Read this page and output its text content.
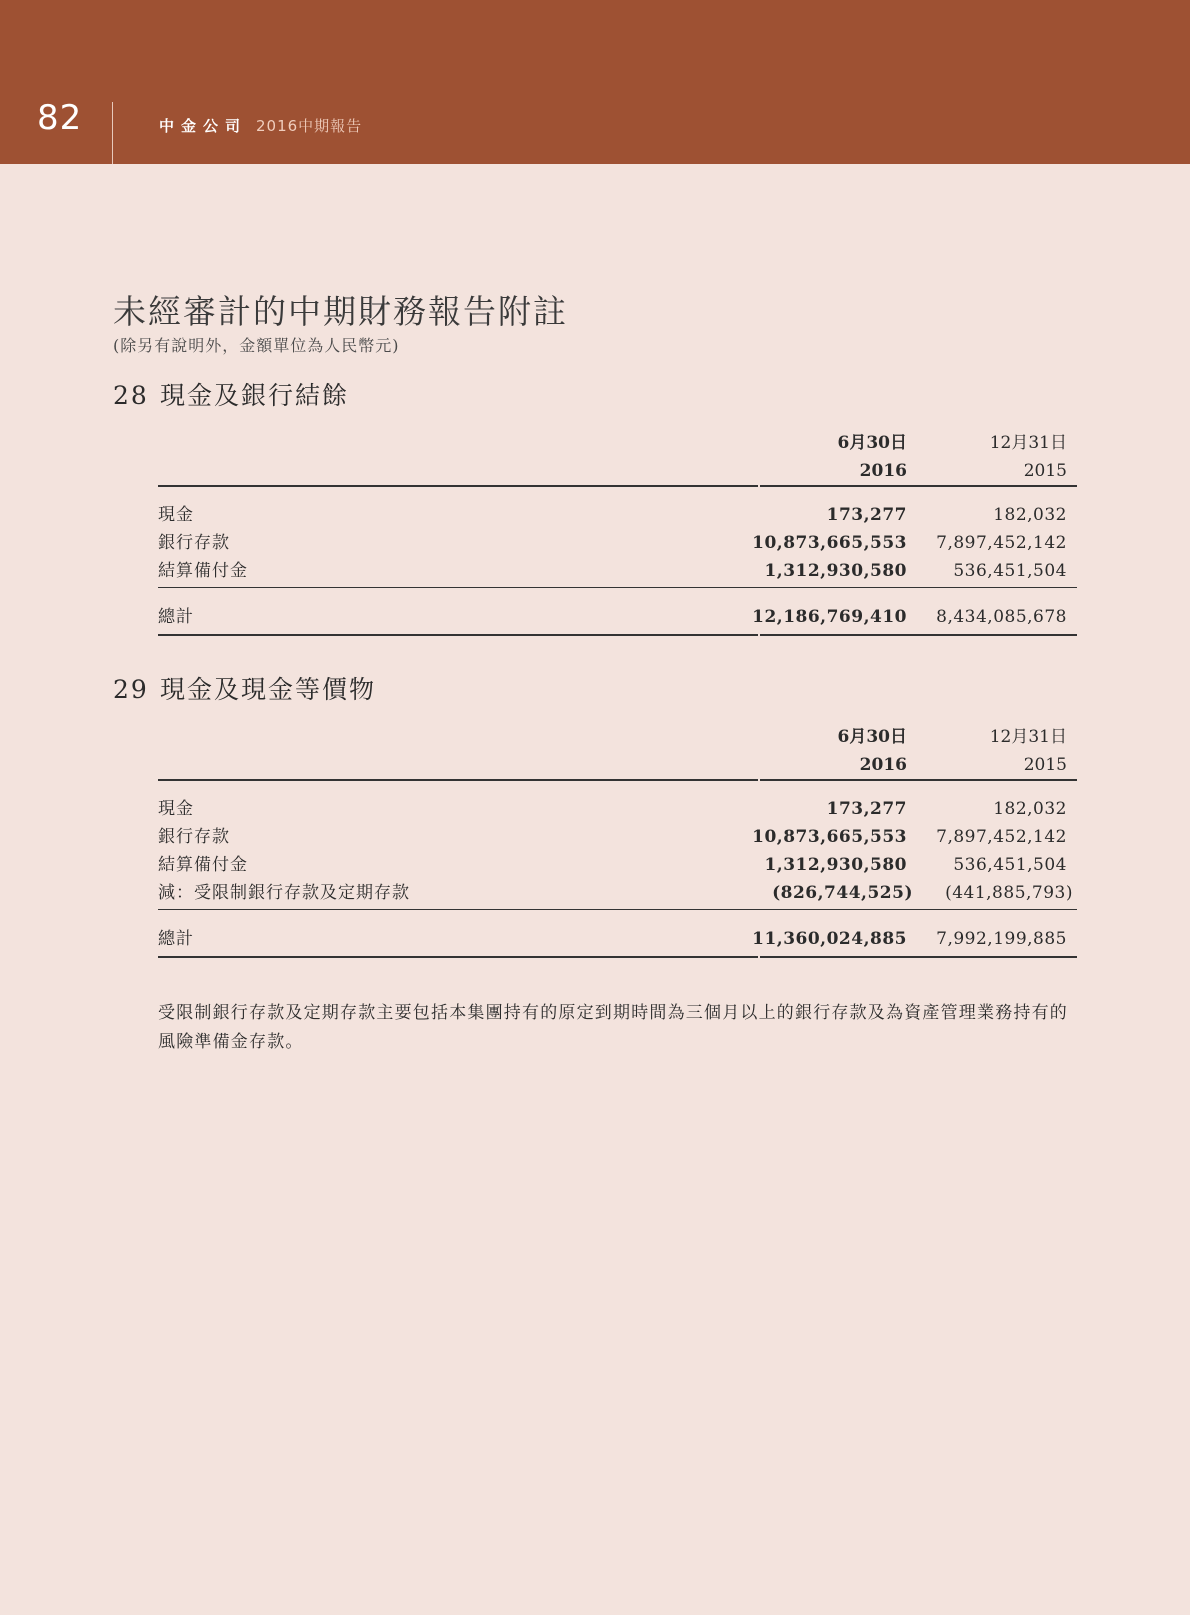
82	中金公司 2016中期報告
未經審計的中期財務報告附註
(除另有說明外，金額單位為人民幣元)
28 現金及銀行結餘
6月30日
2016
12月31日
2015
現金	173,277	182,032
銀行存款	10,873,665,553 7,897,452,142
結算備付金	1,312,930,580	536,451,504
總計	12,186,769,410 8,434,085,678
29 現金及現金等價物
6月30日
2016
12月31日
2015
現金	173,277	182,032
銀行存款	10,873,665,553 7,897,452,142
結算備付金	1,312,930,580	536,451,504
減：受限制銀行存款及定期存款	(826,744,525) (441,885,793)
總計	11,360,024,885 7,992,199,885
受限制銀行存款及定期存款主要包括本集團持有的原定到期時間為三個月以上的銀行存款及為資產管理業務持有的風險準備金存款。
